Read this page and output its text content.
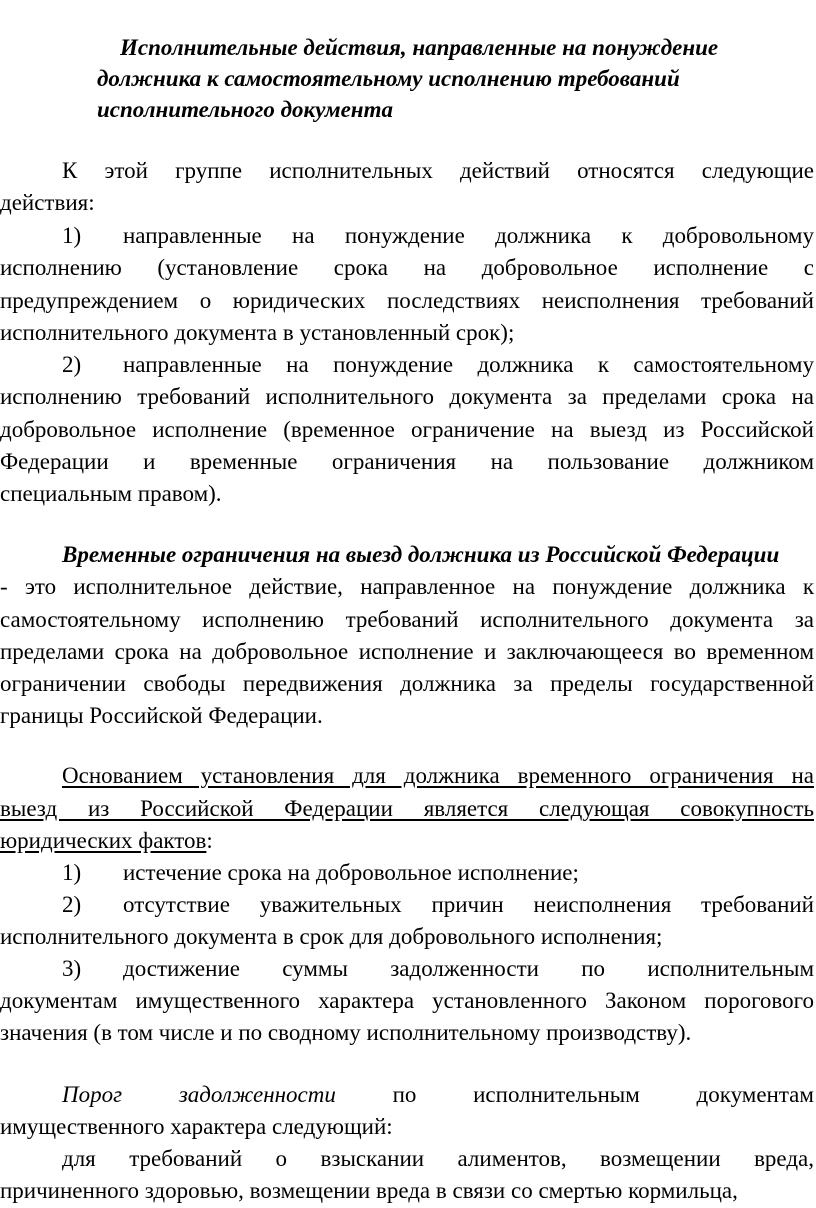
Исполнительные действия, направленные на понуждение
должника к самостоятельному исполнению требований
исполнительного документа
К этой группе исполнительных действий относятся следующие
действия:
1) направленные на понуждение должника к добровольному
исполнению (установление срока на добровольное исполнение с
предупреждением о юридических последствиях неисполнения требований
исполнительного документа в установленный срок);
2) направленные на понуждение должника к самостоятельному
исполнению требований исполнительного документа за пределами срока на
добровольное исполнение (временное ограничение на выезд из Российской
Федерации и временные ограничения на пользование должником
специальным правом).
Временные ограничения на выезд должника из Российской Федерации
- это исполнительное действие, направленное на понуждение должника к
самостоятельному исполнению требований исполнительного документа за
пределами срока на добровольное исполнение и заключающееся во временном
ограничении свободы передвижения должника за пределы государственной
границы Российской Федерации.
Основанием установления для должника временного ограничения на
выезд из Российской Федерации является следующая совокупность
юридических фактов:
1) истечение срока на добровольное исполнение;
2) отсутствие уважительных причин неисполнения требований
исполнительного документа в срок для добровольного исполнения;
3) достижение суммы задолженности по исполнительным
документам имущественного характера установленного Законом порогового
значения (в том числе и по сводному исполнительному производству).
Порог задолженности по исполнительным документам
имущественного характера следующий:
для требований о взыскании алиментов, возмещении вреда,
причиненного здоровью, возмещении вреда в связи со смертью кормильца,
